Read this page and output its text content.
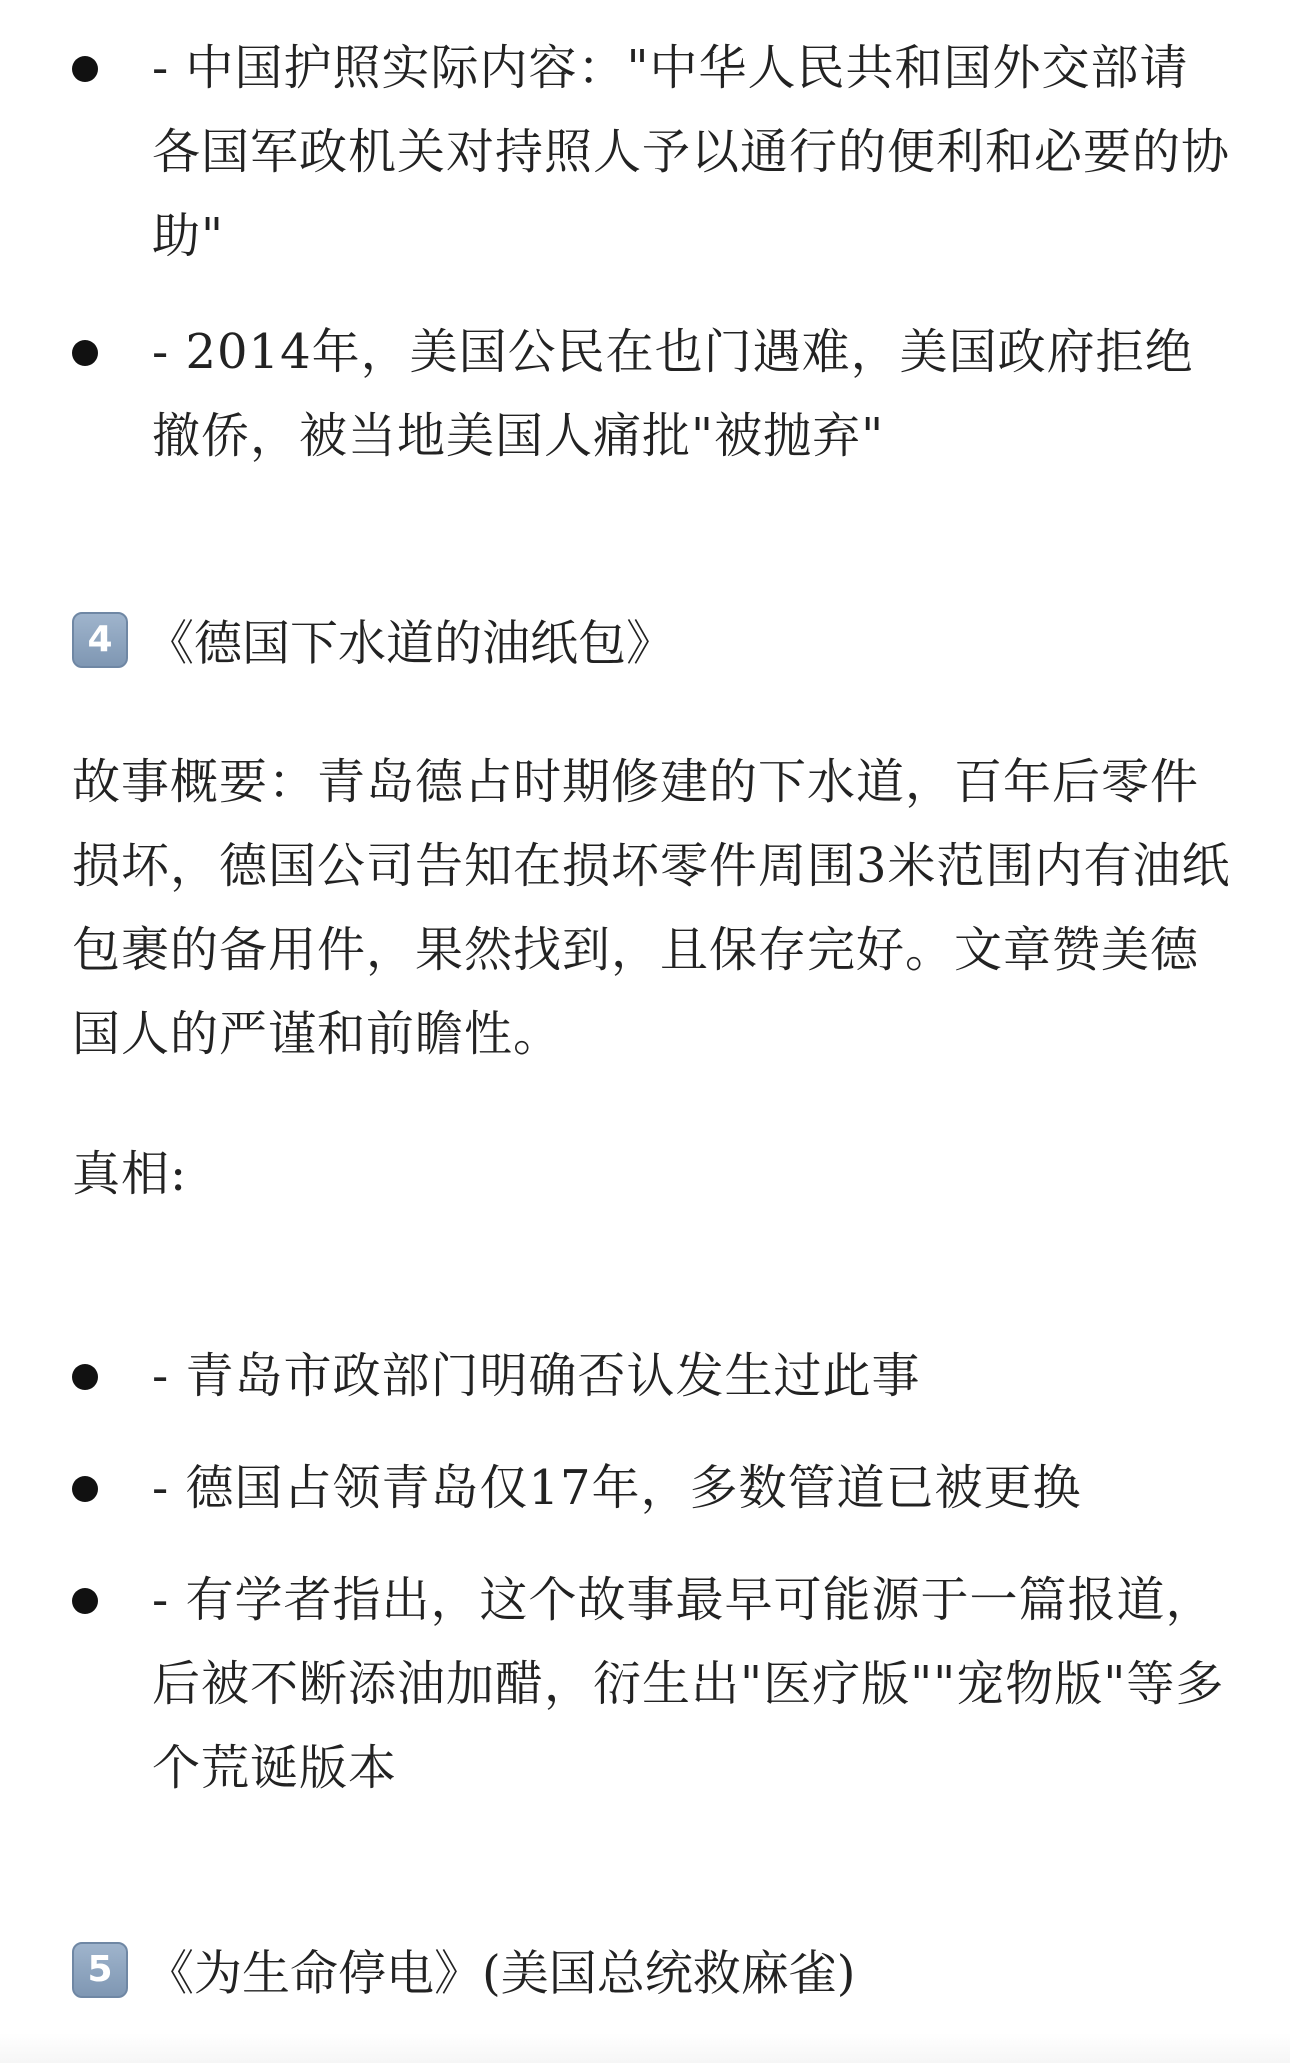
- 中国护照实际内容："中华人民共和国外交部请各国军政机关对持照人予以通行的便利和必要的协助"
- 2014年，美国公民在也门遇难，美国政府拒绝撤侨，被当地美国人痛批"被抛弃"
4 《德国下水道的油纸包》
故事概要：青岛德占时期修建的下水道，百年后零件损坏，德国公司告知在损坏零件周围3米范围内有油纸包裹的备用件，果然找到，且保存完好。文章赞美德国人的严谨和前瞻性。
真相:
- 青岛市政部门明确否认发生过此事
- 德国占领青岛仅17年，多数管道已被更换
- 有学者指出，这个故事最早可能源于一篇报道，后被不断添油加醋，衍生出"医疗版""宠物版"等多个荒诞版本
5 《为生命停电》(美国总统救麻雀)
